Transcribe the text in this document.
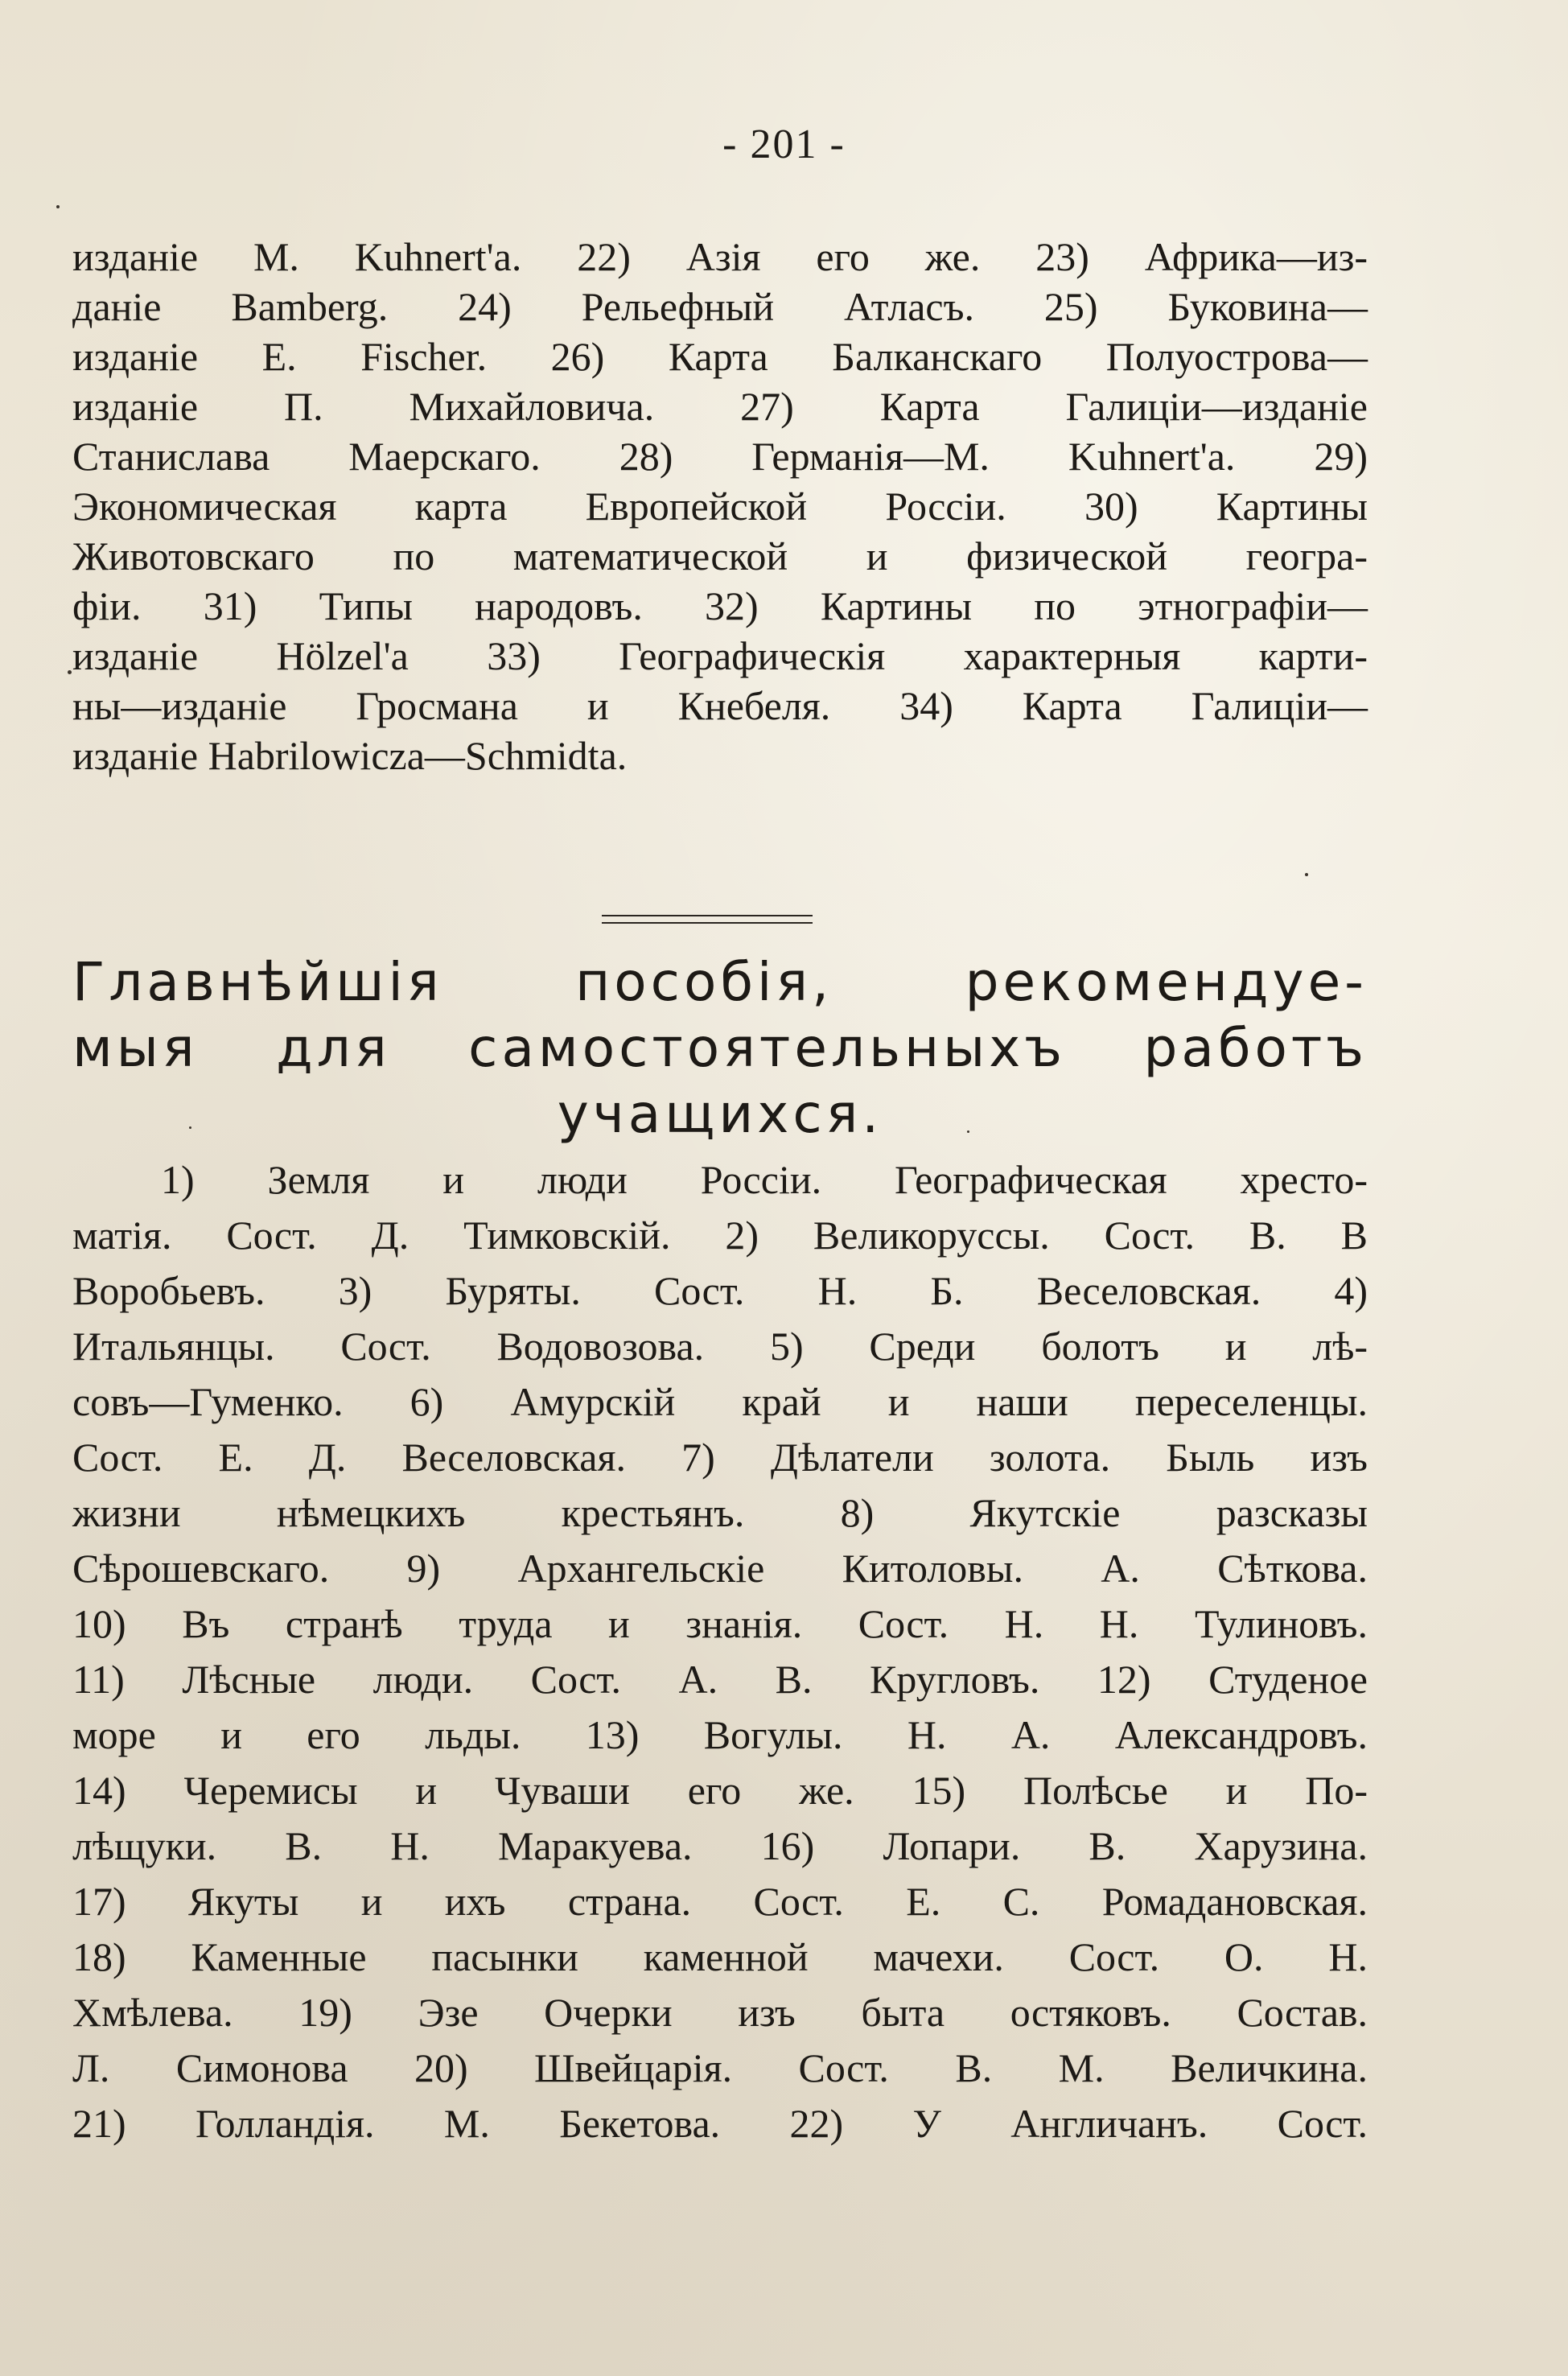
- 201 -
изданіе M. Kuhnert'a. 22) Азія его же. 23) Африка—из-
даніе Bamberg. 24) Рельефный Атласъ. 25) Буковина—
изданіе E. Fischer. 26) Карта Балканскаго Полуострова—
изданіе П. Михайловича. 27) Карта Галиціи—изданіе
Станислава Маерскаго. 28) Германія—M. Kuhnert'a. 29)
Экономическая карта Европейской Россіи. 30) Картины
Животовскаго по математической и физической геогра-
фіи. 31) Типы народовъ. 32) Картины по этнографіи—
изданіе Hölzel'a 33) Географическія характерныя карти-
ны—изданіе Гросмана и Кнебеля. 34) Карта Галиціи—
изданіе Habrilowicza—Schmidta.
Главнѣйшія пособія, рекомендуе-
мыя для самостоятельныхъ работъ
учащихся.
1) Земля и люди Россіи. Географическая хресто-
матія. Сост. Д. Тимковскій. 2) Великоруссы. Сост. В. В
Воробьевъ. 3) Буряты. Сост. Н. Б. Веселовская. 4)
Итальянцы. Сост. Водовозова. 5) Среди болотъ и лѣ-
совъ—Гуменко. 6) Амурскій край и наши переселенцы.
Сост. Е. Д. Веселовская. 7) Дѣлатели золота. Быль изъ
жизни нѣмецкихъ крестьянъ. 8) Якутскіе разсказы
Сѣрошевскаго. 9) Архангельскіе Китоловы. А. Сѣткова.
10) Въ странѣ труда и знанія. Сост. Н. Н. Тулиновъ.
11) Лѣсные люди. Сост. А. В. Кругловъ. 12) Студеное
море и его льды. 13) Вогулы. Н. А. Александровъ.
14) Черемисы и Чуваши его же. 15) Полѣсье и По-
лѣщуки. В. Н. Маракуева. 16) Лопари. В. Харузина.
17) Якуты и ихъ страна. Сост. Е. С. Ромадановская.
18) Каменные пасынки каменной мачехи. Сост. О. Н.
Хмѣлева. 19) Эзе Очерки изъ быта остяковъ. Состав.
Л. Симонова 20) Швейцарія. Сост. В. М. Величкина.
21) Голландія. М. Бекетова. 22) У Англичанъ. Сост.
